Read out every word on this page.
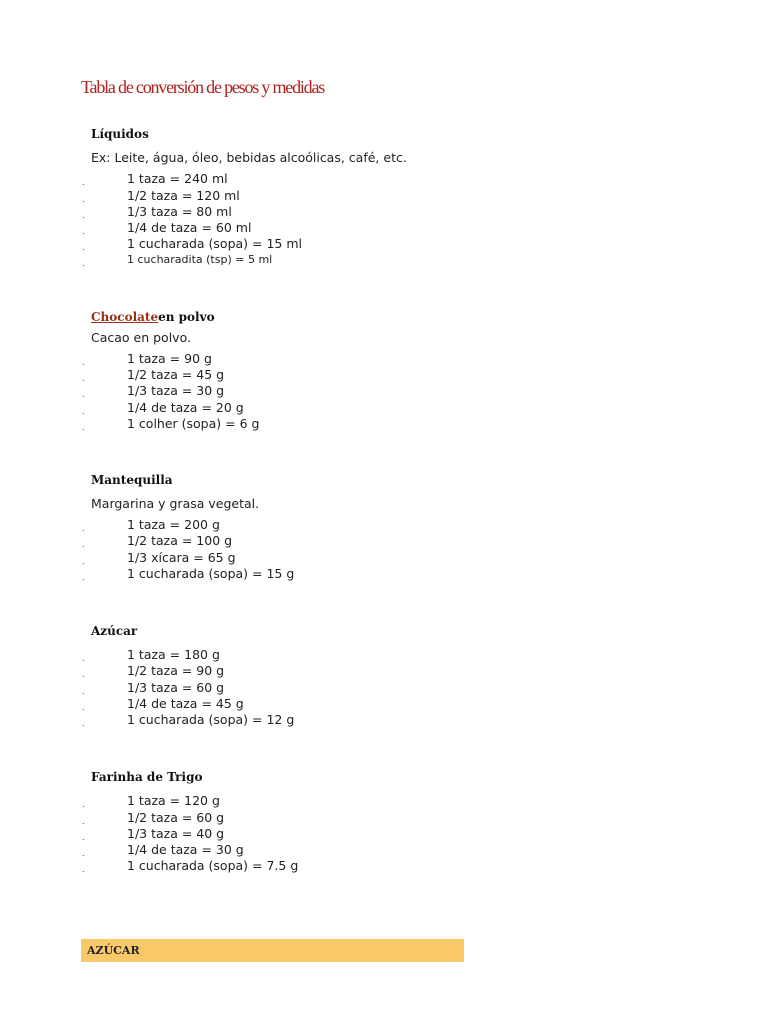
Tabla de conversión de pesos y medidas
Líquidos
Ex: Leite, água, óleo, bebidas alcoólicas, café, etc.
.	1 taza = 240 ml
.	1/2 taza = 120 ml
.	1/3 taza = 80 ml
.	1/4 de taza = 60 ml
.	1 cucharada (sopa) = 15 ml
.	1 cucharadita (tsp) = 5 ml
Chocolateen polvo
Cacao en polvo.
.	1 taza = 90 g
.	1/2 taza = 45 g
.	1/3 taza = 30 g
.	1/4 de taza = 20 g
.	1 colher (sopa) = 6 g
Mantequilla
Margarina y grasa vegetal.
.	1 taza = 200 g
.	1/2 taza = 100 g
.	1/3 xícara = 65 g
.	1 cucharada (sopa) = 15 g
Azúcar
.	1 taza = 180 g
.	1/2 taza = 90 g
.	1/3 taza = 60 g
.	1/4 de taza = 45 g
.	1 cucharada (sopa) = 12 g
Farinha de Trigo
.	1 taza = 120 g
.	1/2 taza = 60 g
.	1/3 taza = 40 g
.	1/4 de taza = 30 g
.	1 cucharada (sopa) = 7.5 g
AZÚCAR
